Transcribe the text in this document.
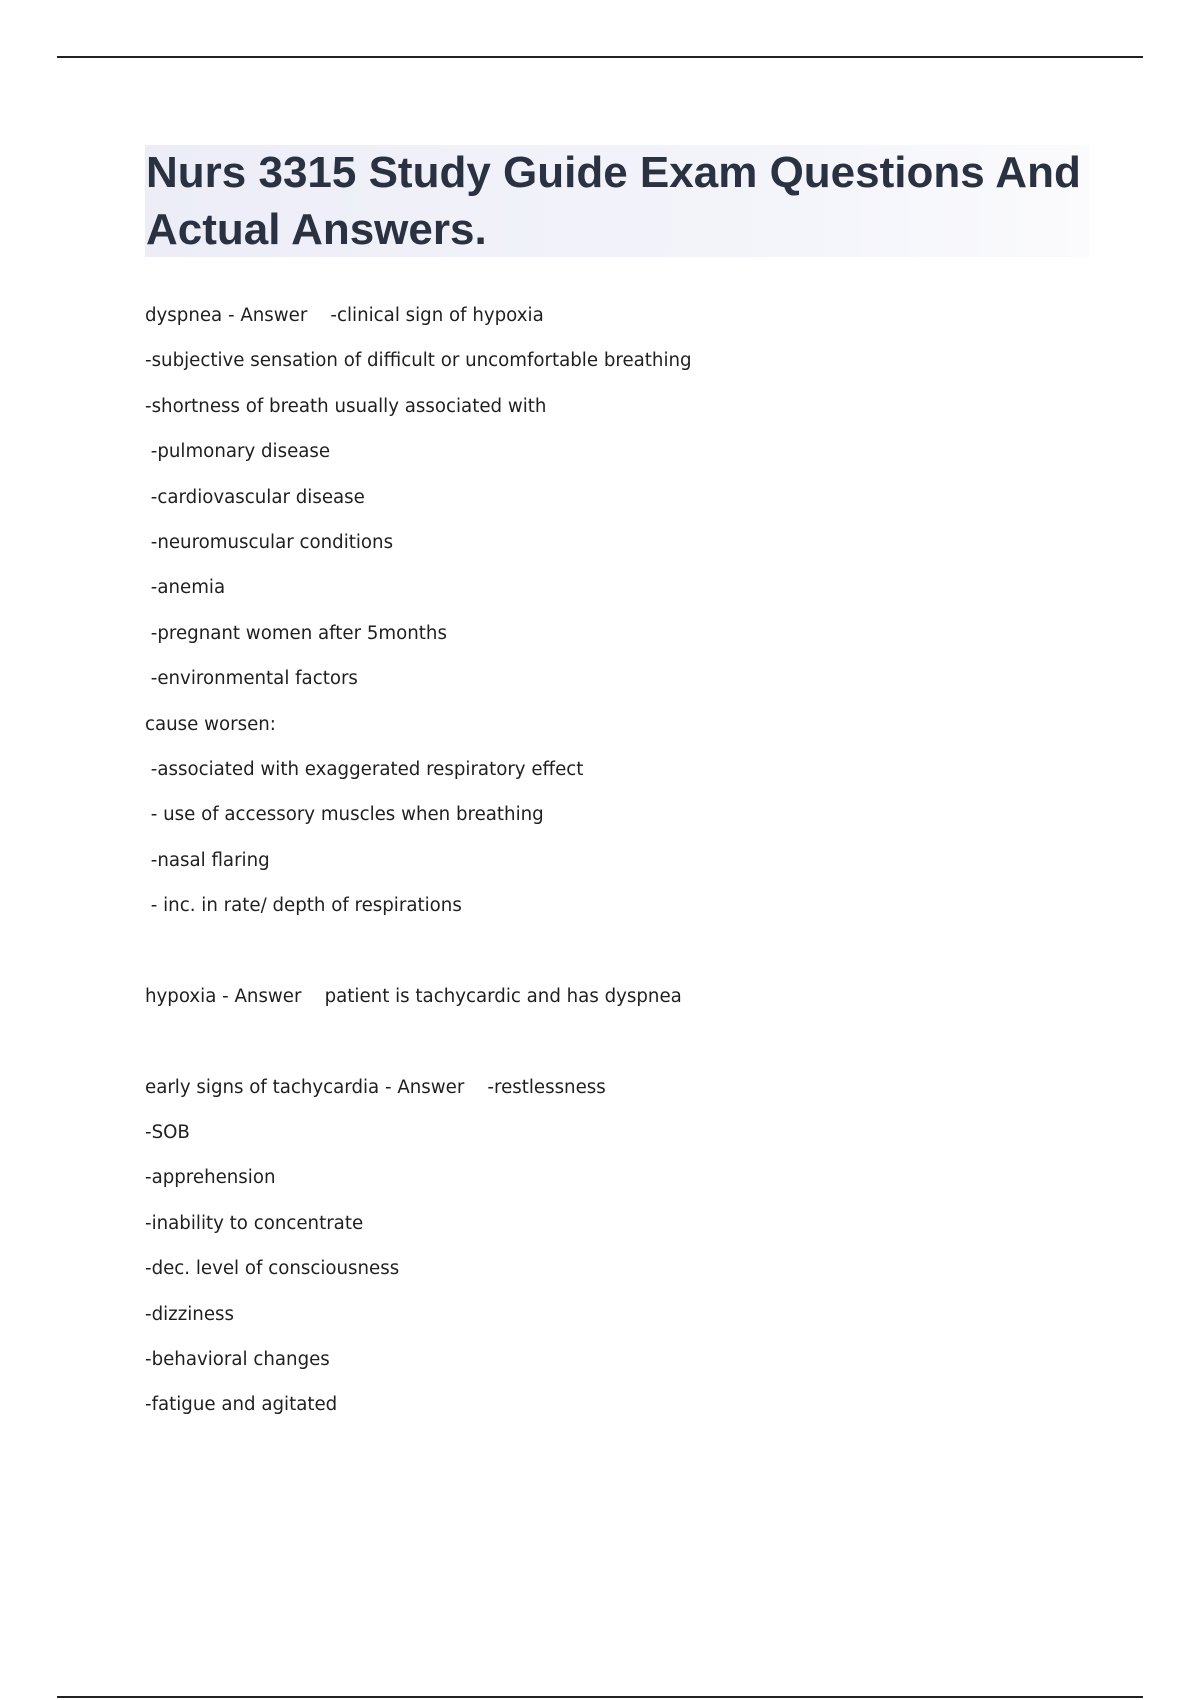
Nurs 3315 Study Guide Exam Questions And Actual Answers.
dyspnea - Answer    -clinical sign of hypoxia
-subjective sensation of difficult or uncomfortable breathing
-shortness of breath usually associated with
-pulmonary disease
-cardiovascular disease
-neuromuscular conditions
-anemia
-pregnant women after 5months
-environmental factors
cause worsen:
-associated with exaggerated respiratory effect
- use of accessory muscles when breathing
-nasal flaring
- inc. in rate/ depth of respirations
hypoxia - Answer    patient is tachycardic and has dyspnea
early signs of tachycardia - Answer    -restlessness
-SOB
-apprehension
-inability to concentrate
-dec. level of consciousness
-dizziness
-behavioral changes
-fatigue and agitated
